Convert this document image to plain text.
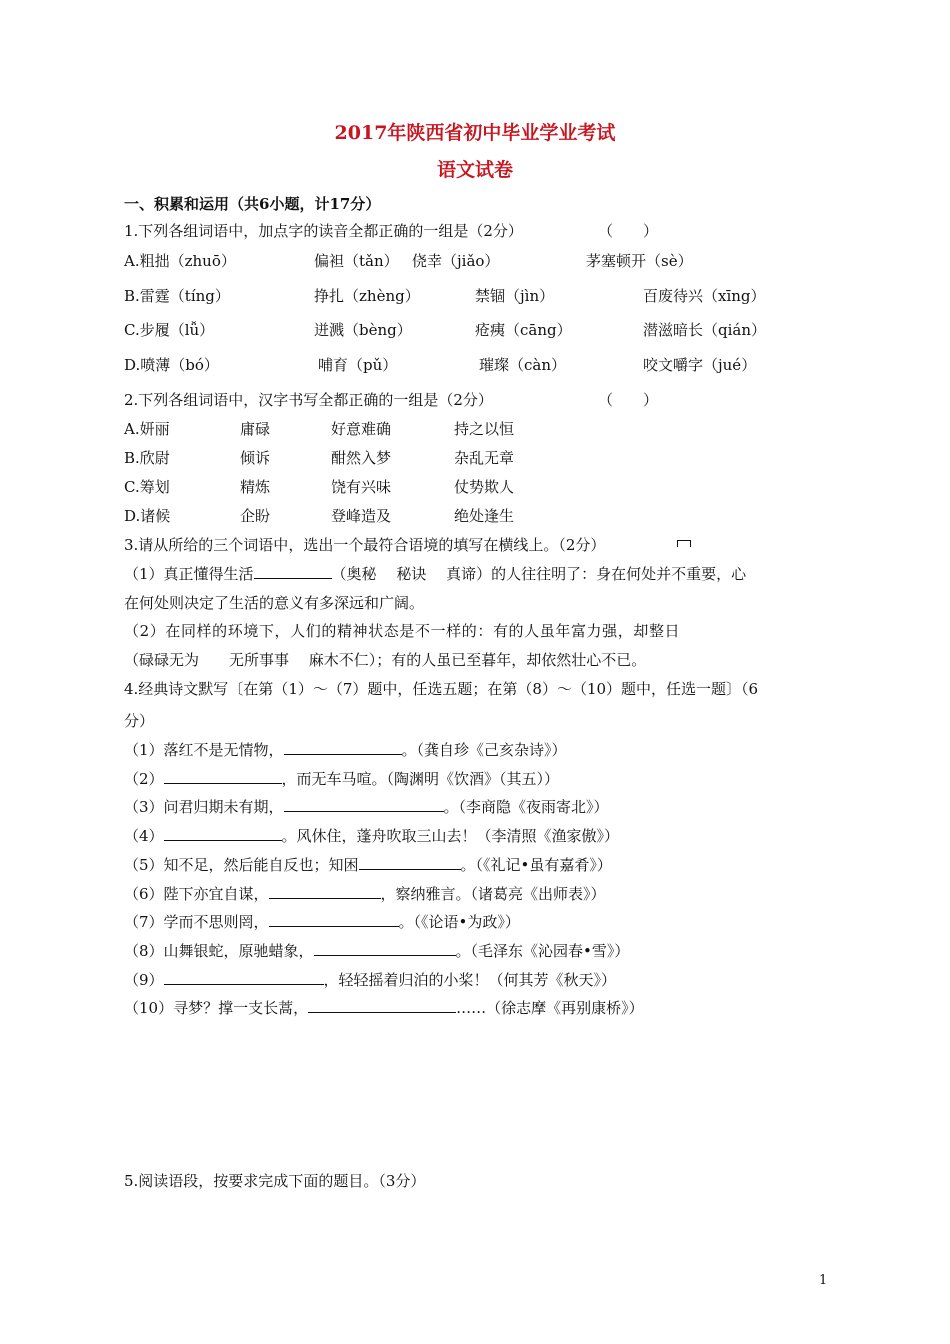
2017年陕西省初中毕业学业考试
语文试卷
一、积累和运用（共6小题，计17分）
1.下列各组词语中，加点字的读音全都正确的一组是（2分）	（　　）
A.粗拙（zhuō）	偏袒（tǎn） 侥幸（jiǎo）	茅塞顿开（sè）
B.雷霆（tíng）	挣扎（zhèng）	禁锢（jìn）	百废待兴（xīng）
C.步履（lǚ）	迸溅（bèng）	疮痍（cāng）	潜滋暗长（qián）
D.喷薄（bó）	哺育（pǔ）	璀璨（càn）	咬文嚼字（jué）
2.下列各组词语中，汉字书写全都正确的一组是（2分）	（　　）
A.妍丽	庸碌	好意难确	持之以恒
B.欣尉	倾诉	酣然入梦	杂乱无章
C.筹划	精炼	饶有兴味	仗势欺人
D.诸候	企盼	登峰造及	绝处逢生
3.请从所给的三个词语中，选出一个最符合语境的填写在横线上。（2分）
（1）真正懂得生活	（奥秘　 秘诀　 真谛）的人往往明了：身在何处并不重要，心
在何处则决定了生活的意义有多深远和广阔。
（2）在同样的环境下，人们的精神状态是不一样的：有的人虽年富力强，却整日
（碌碌无为　　无所事事　 麻木不仁）；有的人虽已至暮年，却依然壮心不已。
4.经典诗文默写〔在第（1）～（7）题中，任选五题；在第（8）～（10）题中，任选一题〕（6
分）
（1）落红不是无情物，	。（龚自珍《己亥杂诗》）
（2）	，而无车马喧。（陶渊明《饮酒》（其五））
（3）问君归期未有期，	。（李商隐《夜雨寄北》）
（4）	。风休住，蓬舟吹取三山去！（李清照《渔家傲》）
（5）知不足，然后能自反也；知困	。（《礼记•虽有嘉肴》）
（6）陛下亦宜自谋，	，察纳雅言。（诸葛亮《出师表》）
（7）学而不思则罔，	。（《论语•为政》）
（8）山舞银蛇，原驰蜡象，	。（毛泽东《沁园春•雪》）
（9）	，轻轻摇着归泊的小桨！（何其芳《秋天》）
（10）寻梦？撑一支长蒿，	……（徐志摩《再别康桥》）
5.阅读语段，按要求完成下面的题目。（3分）
1
